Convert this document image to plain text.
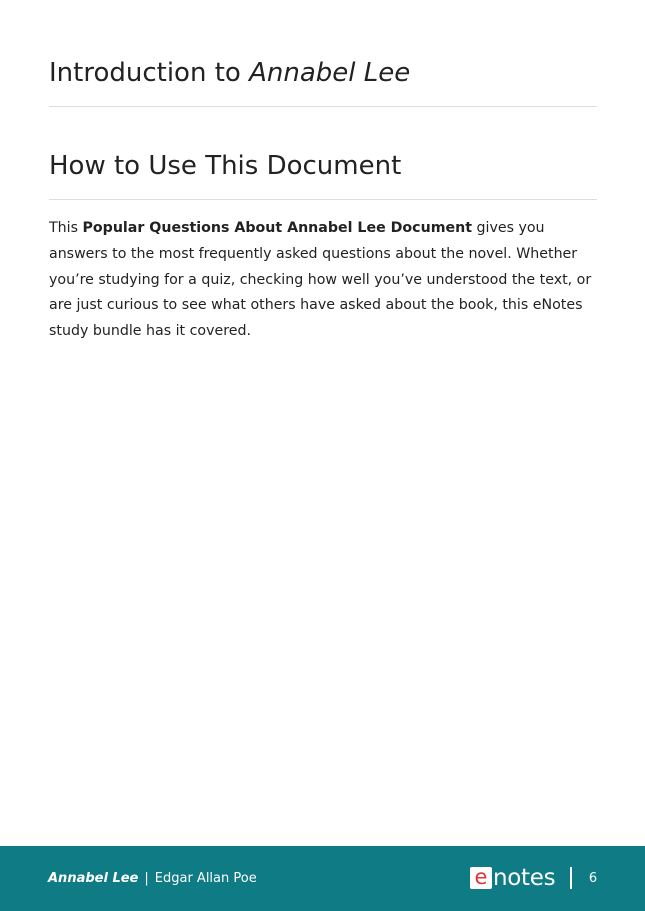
Introduction to Annabel Lee
How to Use This Document

This Popular Questions About Annabel Lee Document gives you answers to the most frequently asked questions about the novel. Whether you’re studying for a quiz, checking how well you’ve understood the text, or are just curious to see what others have asked about the book, this eNotes study bundle has it covered.

Annabel Lee | Edgar Allan Poe	e notes	6
